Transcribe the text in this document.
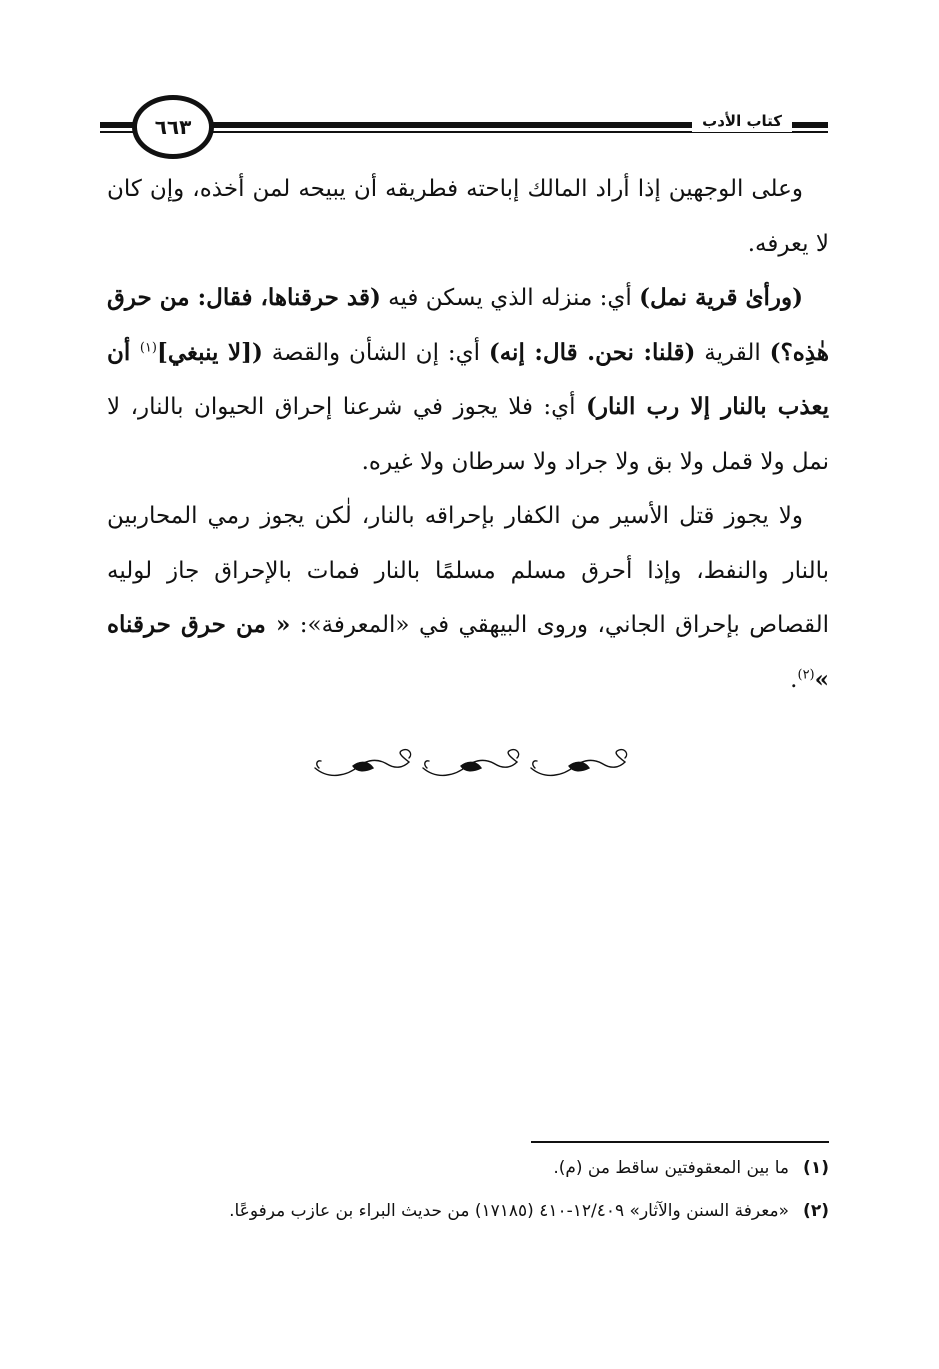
كتاب الأدب
٦٦٣

وعلى الوجهين إذا أراد المالك إباحته فطريقه أن يبيحه لمن أخذه، وإن كان لا يعرفه.

(ورأىٰ قرية نمل) أي: منزله الذي يسكن فيه (قد حرقناها، فقال: من حرق هٰذِه؟) القرية (قلنا: نحن. قال: إنه) أي: إن الشأن والقصة ([لا ينبغي]$^{(١)}$ أن يعذب بالنار إلا رب النار) أي: فلا يجوز في شرعنا إحراق الحيوان بالنار، لا نمل ولا قمل ولا بق ولا جراد ولا سرطان ولا غيره.

ولا يجوز قتل الأسير من الكفار بإحراقه بالنار، لٰكن يجوز رمي المحاربين بالنار والنفط، وإذا أحرق مسلم مسلمًا بالنار فمات بالإحراق جاز لوليه القصاص بإحراق الجاني، وروى البيهقي في «المعرفة»: « من حرق حرقناه »$^{(٢)}$.

(١)
ما بين المعقوفتين ساقط من (م).
(٢)
«معرفة السنن والآثار» ١٢/٤٠٩-٤١٠ (١٧١٨٥) من حديث البراء بن عازب مرفوعًا.
